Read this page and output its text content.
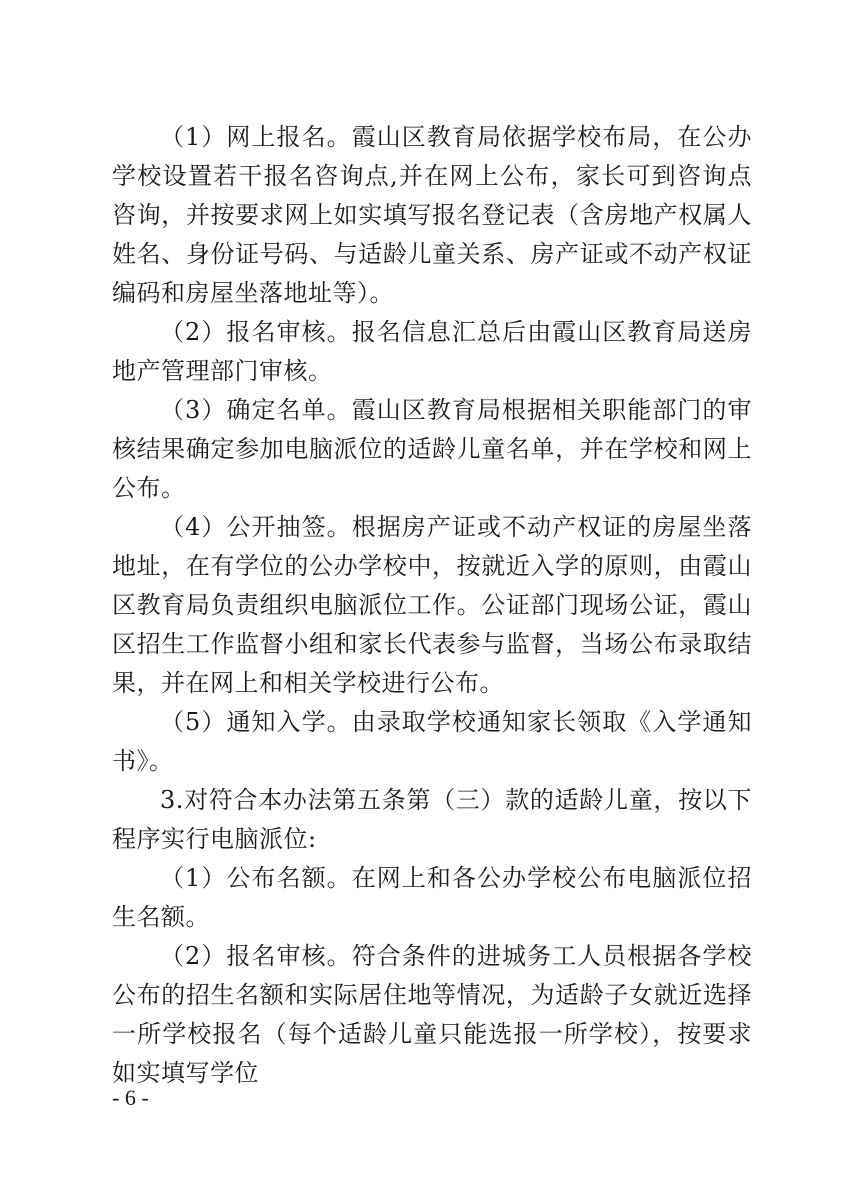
（1）网上报名。霞山区教育局依据学校布局，在公办学校设置若干报名咨询点,并在网上公布，家长可到咨询点咨询，并按要求网上如实填写报名登记表（含房地产权属人姓名、身份证号码、与适龄儿童关系、房产证或不动产权证编码和房屋坐落地址等）。

（2）报名审核。报名信息汇总后由霞山区教育局送房地产管理部门审核。

（3）确定名单。霞山区教育局根据相关职能部门的审核结果确定参加电脑派位的适龄儿童名单，并在学校和网上公布。

（4）公开抽签。根据房产证或不动产权证的房屋坐落地址，在有学位的公办学校中，按就近入学的原则，由霞山区教育局负责组织电脑派位工作。公证部门现场公证，霞山区招生工作监督小组和家长代表参与监督，当场公布录取结果，并在网上和相关学校进行公布。

（5）通知入学。由录取学校通知家长领取《入学通知书》。

3.对符合本办法第五条第（三）款的适龄儿童，按以下程序实行电脑派位:

（1）公布名额。在网上和各公办学校公布电脑派位招生名额。

（2）报名审核。符合条件的进城务工人员根据各学校公布的招生名额和实际居住地等情况，为适龄子女就近选择一所学校报名（每个适龄儿童只能选报一所学校），按要求如实填写学位

- 6 -
